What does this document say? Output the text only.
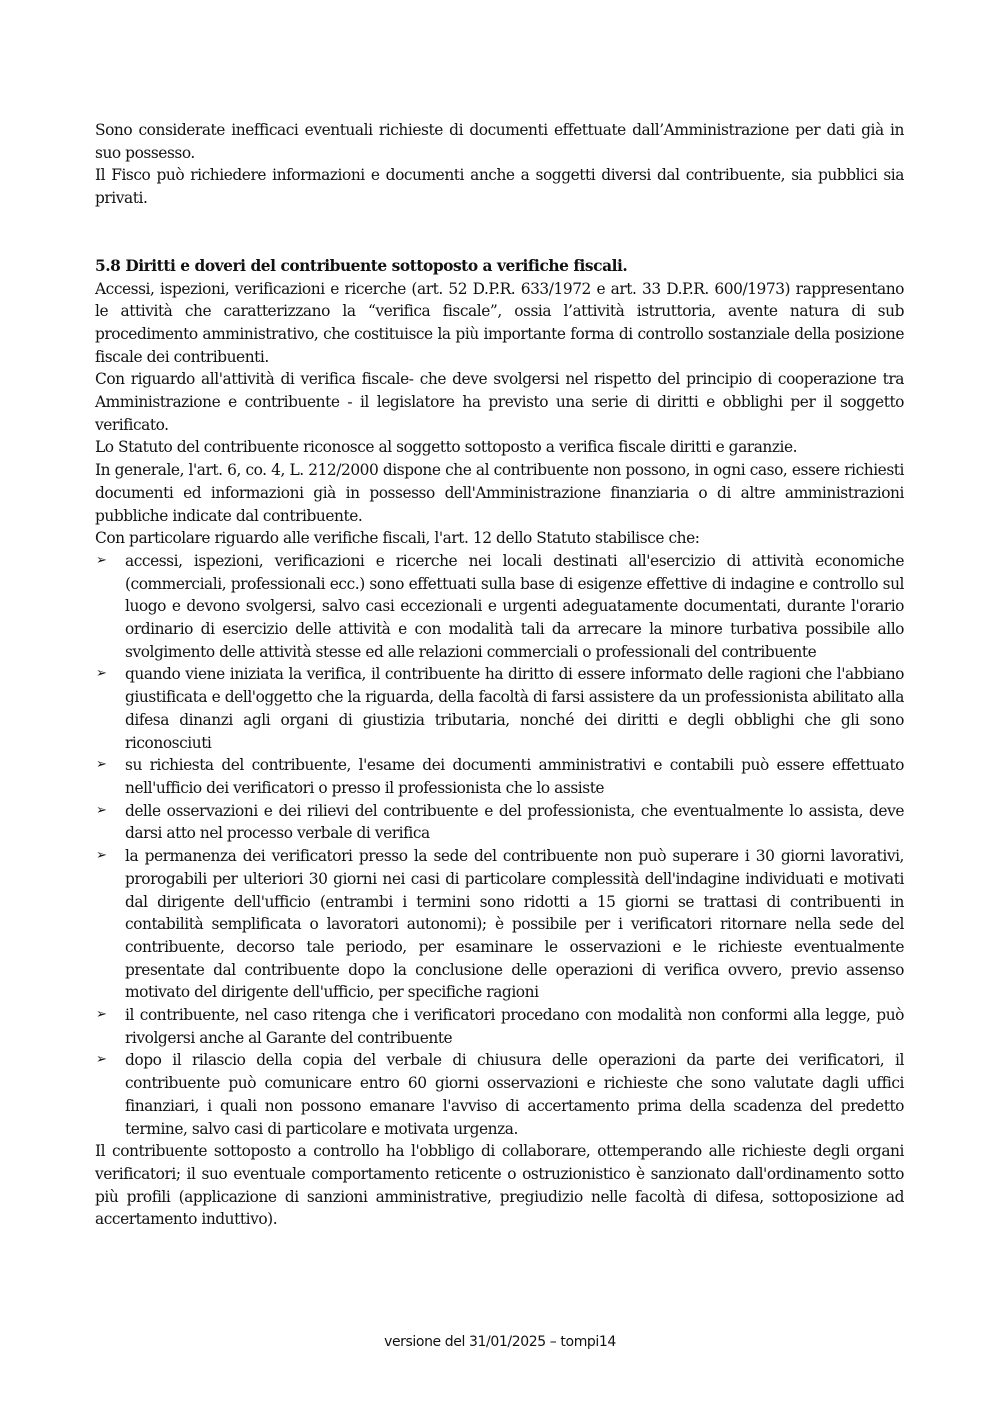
Sono considerate inefficaci eventuali richieste di documenti effettuate dall’Amministrazione per dati già in suo possesso.

Il Fisco può richiedere informazioni e documenti anche a soggetti diversi dal contribuente, sia pubblici sia privati.

5.8 Diritti e doveri del contribuente sottoposto a verifiche fiscali.

Accessi, ispezioni, verificazioni e ricerche (art. 52 D.P.R. 633/1972 e art. 33 D.P.R. 600/1973) rappresentano le attività che caratterizzano la “verifica fiscale”, ossia l’attività istruttoria, avente natura di sub procedimento amministrativo, che costituisce la più importante forma di controllo sostanziale della posizione fiscale dei contribuenti.

Con riguardo all'attività di verifica fiscale- che deve svolgersi nel rispetto del principio di cooperazione tra Amministrazione e contribuente - il legislatore ha previsto una serie di diritti e obblighi per il soggetto verificato.

Lo Statuto del contribuente riconosce al soggetto sottoposto a verifica fiscale diritti e garanzie.

In generale, l'art. 6, co. 4, L. 212/2000 dispone che al contribuente non possono, in ogni caso, essere richiesti documenti ed informazioni già in possesso dell'Amministrazione finanziaria o di altre amministrazioni pubbliche indicate dal contribuente.

Con particolare riguardo alle verifiche fiscali, l'art. 12 dello Statuto stabilisce che:

➢ accessi, ispezioni, verificazioni e ricerche nei locali destinati all'esercizio di attività economiche (commerciali, professionali ecc.) sono effettuati sulla base di esigenze effettive di indagine e controllo sul luogo e devono svolgersi, salvo casi eccezionali e urgenti adeguatamente documentati, durante l'orario ordinario di esercizio delle attività e con modalità tali da arrecare la minore turbativa possibile allo svolgimento delle attività stesse ed alle relazioni commerciali o professionali del contribuente
➢ quando viene iniziata la verifica, il contribuente ha diritto di essere informato delle ragioni che l'abbiano giustificata e dell'oggetto che la riguarda, della facoltà di farsi assistere da un professionista abilitato alla difesa dinanzi agli organi di giustizia tributaria, nonché dei diritti e degli obblighi che gli sono riconosciuti
➢ su richiesta del contribuente, l'esame dei documenti amministrativi e contabili può essere effettuato nell'ufficio dei verificatori o presso il professionista che lo assiste
➢ delle osservazioni e dei rilievi del contribuente e del professionista, che eventualmente lo assista, deve darsi atto nel processo verbale di verifica
➢ la permanenza dei verificatori presso la sede del contribuente non può superare i 30 giorni lavorativi, prorogabili per ulteriori 30 giorni nei casi di particolare complessità dell'indagine individuati e motivati dal dirigente dell'ufficio (entrambi i termini sono ridotti a 15 giorni se trattasi di contribuenti in contabilità semplificata o lavoratori autonomi); è possibile per i verificatori ritornare nella sede del contribuente, decorso tale periodo, per esaminare le osservazioni e le richieste eventualmente presentate dal contribuente dopo la conclusione delle operazioni di verifica ovvero, previo assenso motivato del dirigente dell'ufficio, per specifiche ragioni
➢ il contribuente, nel caso ritenga che i verificatori procedano con modalità non conformi alla legge, può rivolgersi anche al Garante del contribuente
➢ dopo il rilascio della copia del verbale di chiusura delle operazioni da parte dei verificatori, il contribuente può comunicare entro 60 giorni osservazioni e richieste che sono valutate dagli uffici finanziari, i quali non possono emanare l'avviso di accertamento prima della scadenza del predetto termine, salvo casi di particolare e motivata urgenza.

Il contribuente sottoposto a controllo ha l'obbligo di collaborare, ottemperando alle richieste degli organi verificatori; il suo eventuale comportamento reticente o ostruzionistico è sanzionato dall'ordinamento sotto più profili (applicazione di sanzioni amministrative, pregiudizio nelle facoltà di difesa, sottoposizione ad accertamento induttivo).

versione del 31/01/2025 – tompi14
